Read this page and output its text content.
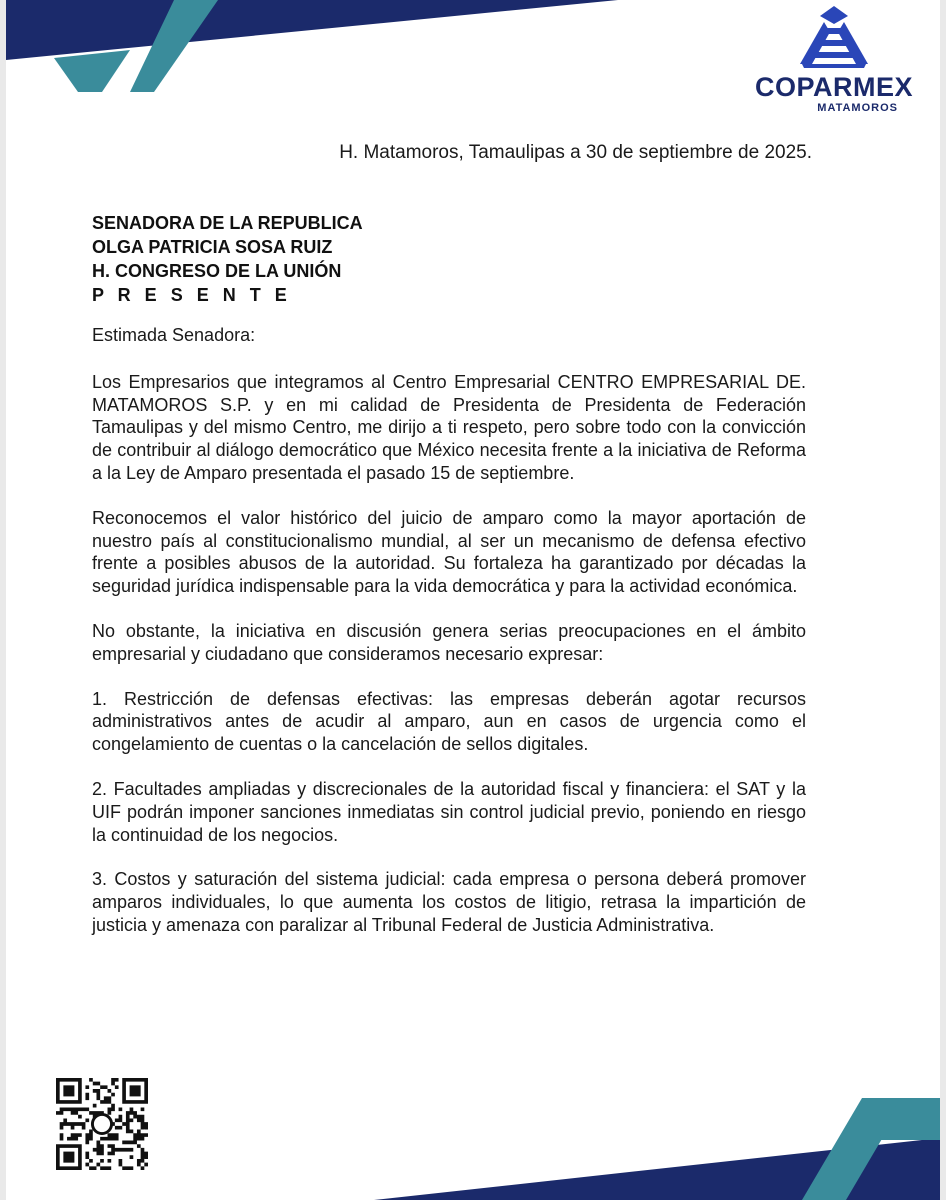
COPARMEX
MATAMOROS
H. Matamoros, Tamaulipas a 30 de septiembre de 2025.
SENADORA DE LA REPUBLICA
OLGA PATRICIA SOSA RUIZ
H. CONGRESO DE LA UNIÓN
P R E S E N T E

Estimada Senadora:

Los Empresarios que integramos al Centro Empresarial CENTRO EMPRESARIAL DE. MATAMOROS S.P. y en mi calidad de Presidenta de Presidenta de Federación Tamaulipas y del mismo Centro, me dirijo a ti respeto, pero sobre todo con la convicción de contribuir al diálogo democrático que México necesita frente a la iniciativa de Reforma a la Ley de Amparo presentada el pasado 15 de septiembre.

Reconocemos el valor histórico del juicio de amparo como la mayor aportación de nuestro país al constitucionalismo mundial, al ser un mecanismo de defensa efectivo frente a posibles abusos de la autoridad. Su fortaleza ha garantizado por décadas la seguridad jurídica indispensable para la vida democrática y para la actividad económica.

No obstante, la iniciativa en discusión genera serias preocupaciones en el ámbito empresarial y ciudadano que consideramos necesario expresar:

1. Restricción de defensas efectivas: las empresas deberán agotar recursos administrativos antes de acudir al amparo, aun en casos de urgencia como el congelamiento de cuentas o la cancelación de sellos digitales.

2. Facultades ampliadas y discrecionales de la autoridad fiscal y financiera: el SAT y la UIF podrán imponer sanciones inmediatas sin control judicial previo, poniendo en riesgo la continuidad de los negocios.

3. Costos y saturación del sistema judicial: cada empresa o persona deberá promover amparos individuales, lo que aumenta los costos de litigio, retrasa la impartición de justicia y amenaza con paralizar al Tribunal Federal de Justicia Administrativa.
